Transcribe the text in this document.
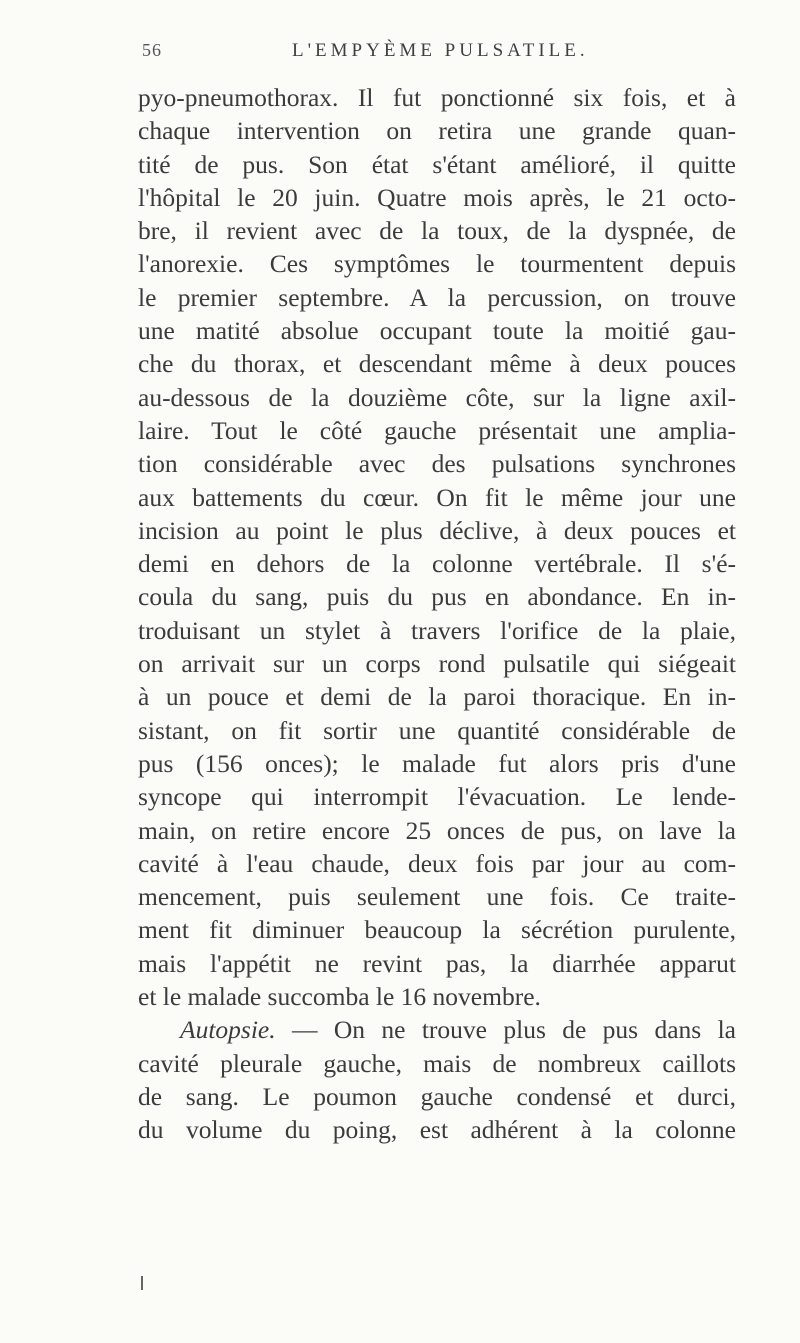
56	L'EMPYÈME PULSATILE.
pyo-pneumothorax. Il fut ponctionné six fois, et à
chaque intervention on retira une grande quan-
tité de pus. Son état s'étant amélioré, il quitte
l'hôpital le 20 juin. Quatre mois après, le 21 octo-
bre, il revient avec de la toux, de la dyspnée, de
l'anorexie. Ces symptômes le tourmentent depuis
le premier septembre. A la percussion, on trouve
une matité absolue occupant toute la moitié gau-
che du thorax, et descendant même à deux pouces
au-dessous de la douzième côte, sur la ligne axil-
laire. Tout le côté gauche présentait une amplia-
tion considérable avec des pulsations synchrones
aux battements du cœur. On fit le même jour une
incision au point le plus déclive, à deux pouces et
demi en dehors de la colonne vertébrale. Il s'é-
coula du sang, puis du pus en abondance. En in-
troduisant un stylet à travers l'orifice de la plaie,
on arrivait sur un corps rond pulsatile qui siégeait
à un pouce et demi de la paroi thoracique. En in-
sistant, on fit sortir une quantité considérable de
pus (156 onces); le malade fut alors pris d'une
syncope qui interrompit l'évacuation. Le lende-
main, on retire encore 25 onces de pus, on lave la
cavité à l'eau chaude, deux fois par jour au com-
mencement, puis seulement une fois. Ce traite-
ment fit diminuer beaucoup la sécrétion purulente,
mais l'appétit ne revint pas, la diarrhée apparut
et le malade succomba le 16 novembre.
Autopsie. — On ne trouve plus de pus dans la
cavité pleurale gauche, mais de nombreux caillots
de sang. Le poumon gauche condensé et durci,
du volume du poing, est adhérent à la colonne
